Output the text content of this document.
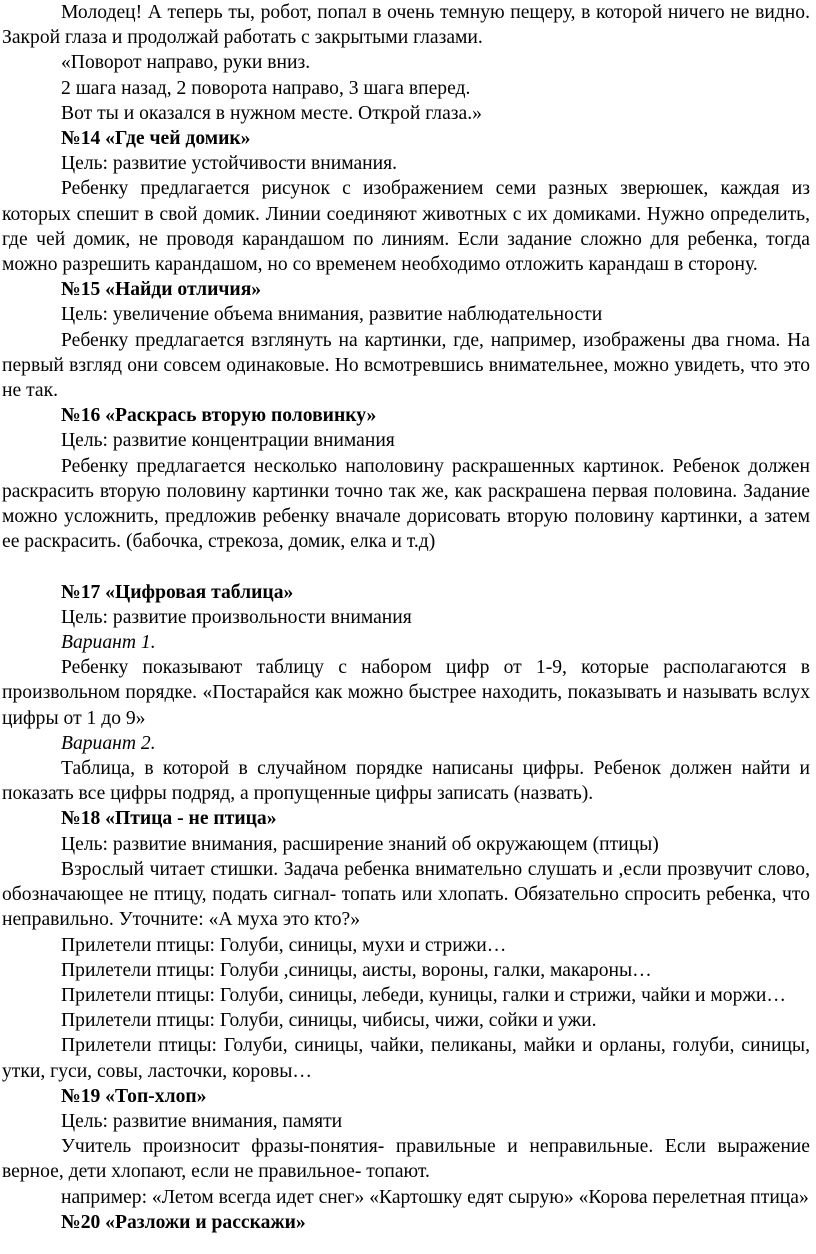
Молодец! А теперь ты, робот, попал в очень темную пещеру, в которой ничего не видно. Закрой глаза и продолжай работать с закрытыми глазами.

«Поворот направо, руки вниз.

2 шага назад, 2 поворота направо, 3 шага вперед.

Вот ты и оказался в нужном месте. Открой глаза.»

№14 «Где чей домик»

Цель: развитие устойчивости внимания.

Ребенку предлагается рисунок с изображением семи разных зверюшек, каждая из которых спешит в свой домик. Линии соединяют животных с их домиками. Нужно определить, где чей домик, не проводя карандашом по линиям. Если задание сложно для ребенка, тогда можно разрешить карандашом, но со временем необходимо отложить карандаш в сторону.

№15 «Найди отличия»

Цель: увеличение объема внимания, развитие наблюдательности

Ребенку предлагается взглянуть на картинки, где, например, изображены два гнома. На первый взгляд они совсем одинаковые. Но всмотревшись внимательнее, можно увидеть, что это не так.

№16 «Раскрась вторую половинку»

Цель: развитие концентрации внимания

Ребенку предлагается несколько наполовину раскрашенных картинок. Ребенок должен раскрасить вторую половину картинки точно так же, как раскрашена первая половина. Задание можно усложнить, предложив ребенку вначале дорисовать вторую половину картинки, а затем ее раскрасить. (бабочка, стрекоза, домик, елка и т.д)

№17 «Цифровая таблица»

Цель: развитие произвольности внимания

Вариант 1.

Ребенку показывают таблицу с набором цифр от 1-9, которые располагаются в произвольном порядке. «Постарайся как можно быстрее находить, показывать и называть вслух цифры от 1 до 9»

Вариант 2.

Таблица, в которой в случайном порядке написаны цифры. Ребенок должен найти и показать все цифры подряд, а пропущенные цифры записать (назвать).

№18 «Птица - не птица»

Цель: развитие внимания, расширение знаний об окружающем (птицы)

Взрослый читает стишки. Задача ребенка внимательно слушать и ,если прозвучит слово, обозначающее не птицу, подать сигнал- топать или хлопать. Обязательно спросить ребенка, что неправильно. Уточните: «А муха это кто?»

Прилетели птицы: Голуби, синицы, мухи и стрижи…

Прилетели птицы: Голуби ,синицы, аисты, вороны, галки, макароны…

Прилетели птицы: Голуби, синицы, лебеди, куницы, галки и стрижи, чайки и моржи…

Прилетели птицы: Голуби, синицы, чибисы, чижи, сойки и ужи.

Прилетели птицы: Голуби, синицы, чайки, пеликаны, майки и орланы, голуби, синицы, утки, гуси, совы, ласточки, коровы…

№19 «Топ-хлоп»

Цель: развитие внимания, памяти

Учитель произносит фразы-понятия- правильные и неправильные. Если выражение верное, дети хлопают, если не правильное- топают.

например: «Летом всегда идет снег» «Картошку едят сырую» «Корова перелетная птица»

№20 «Разложи и расскажи»
